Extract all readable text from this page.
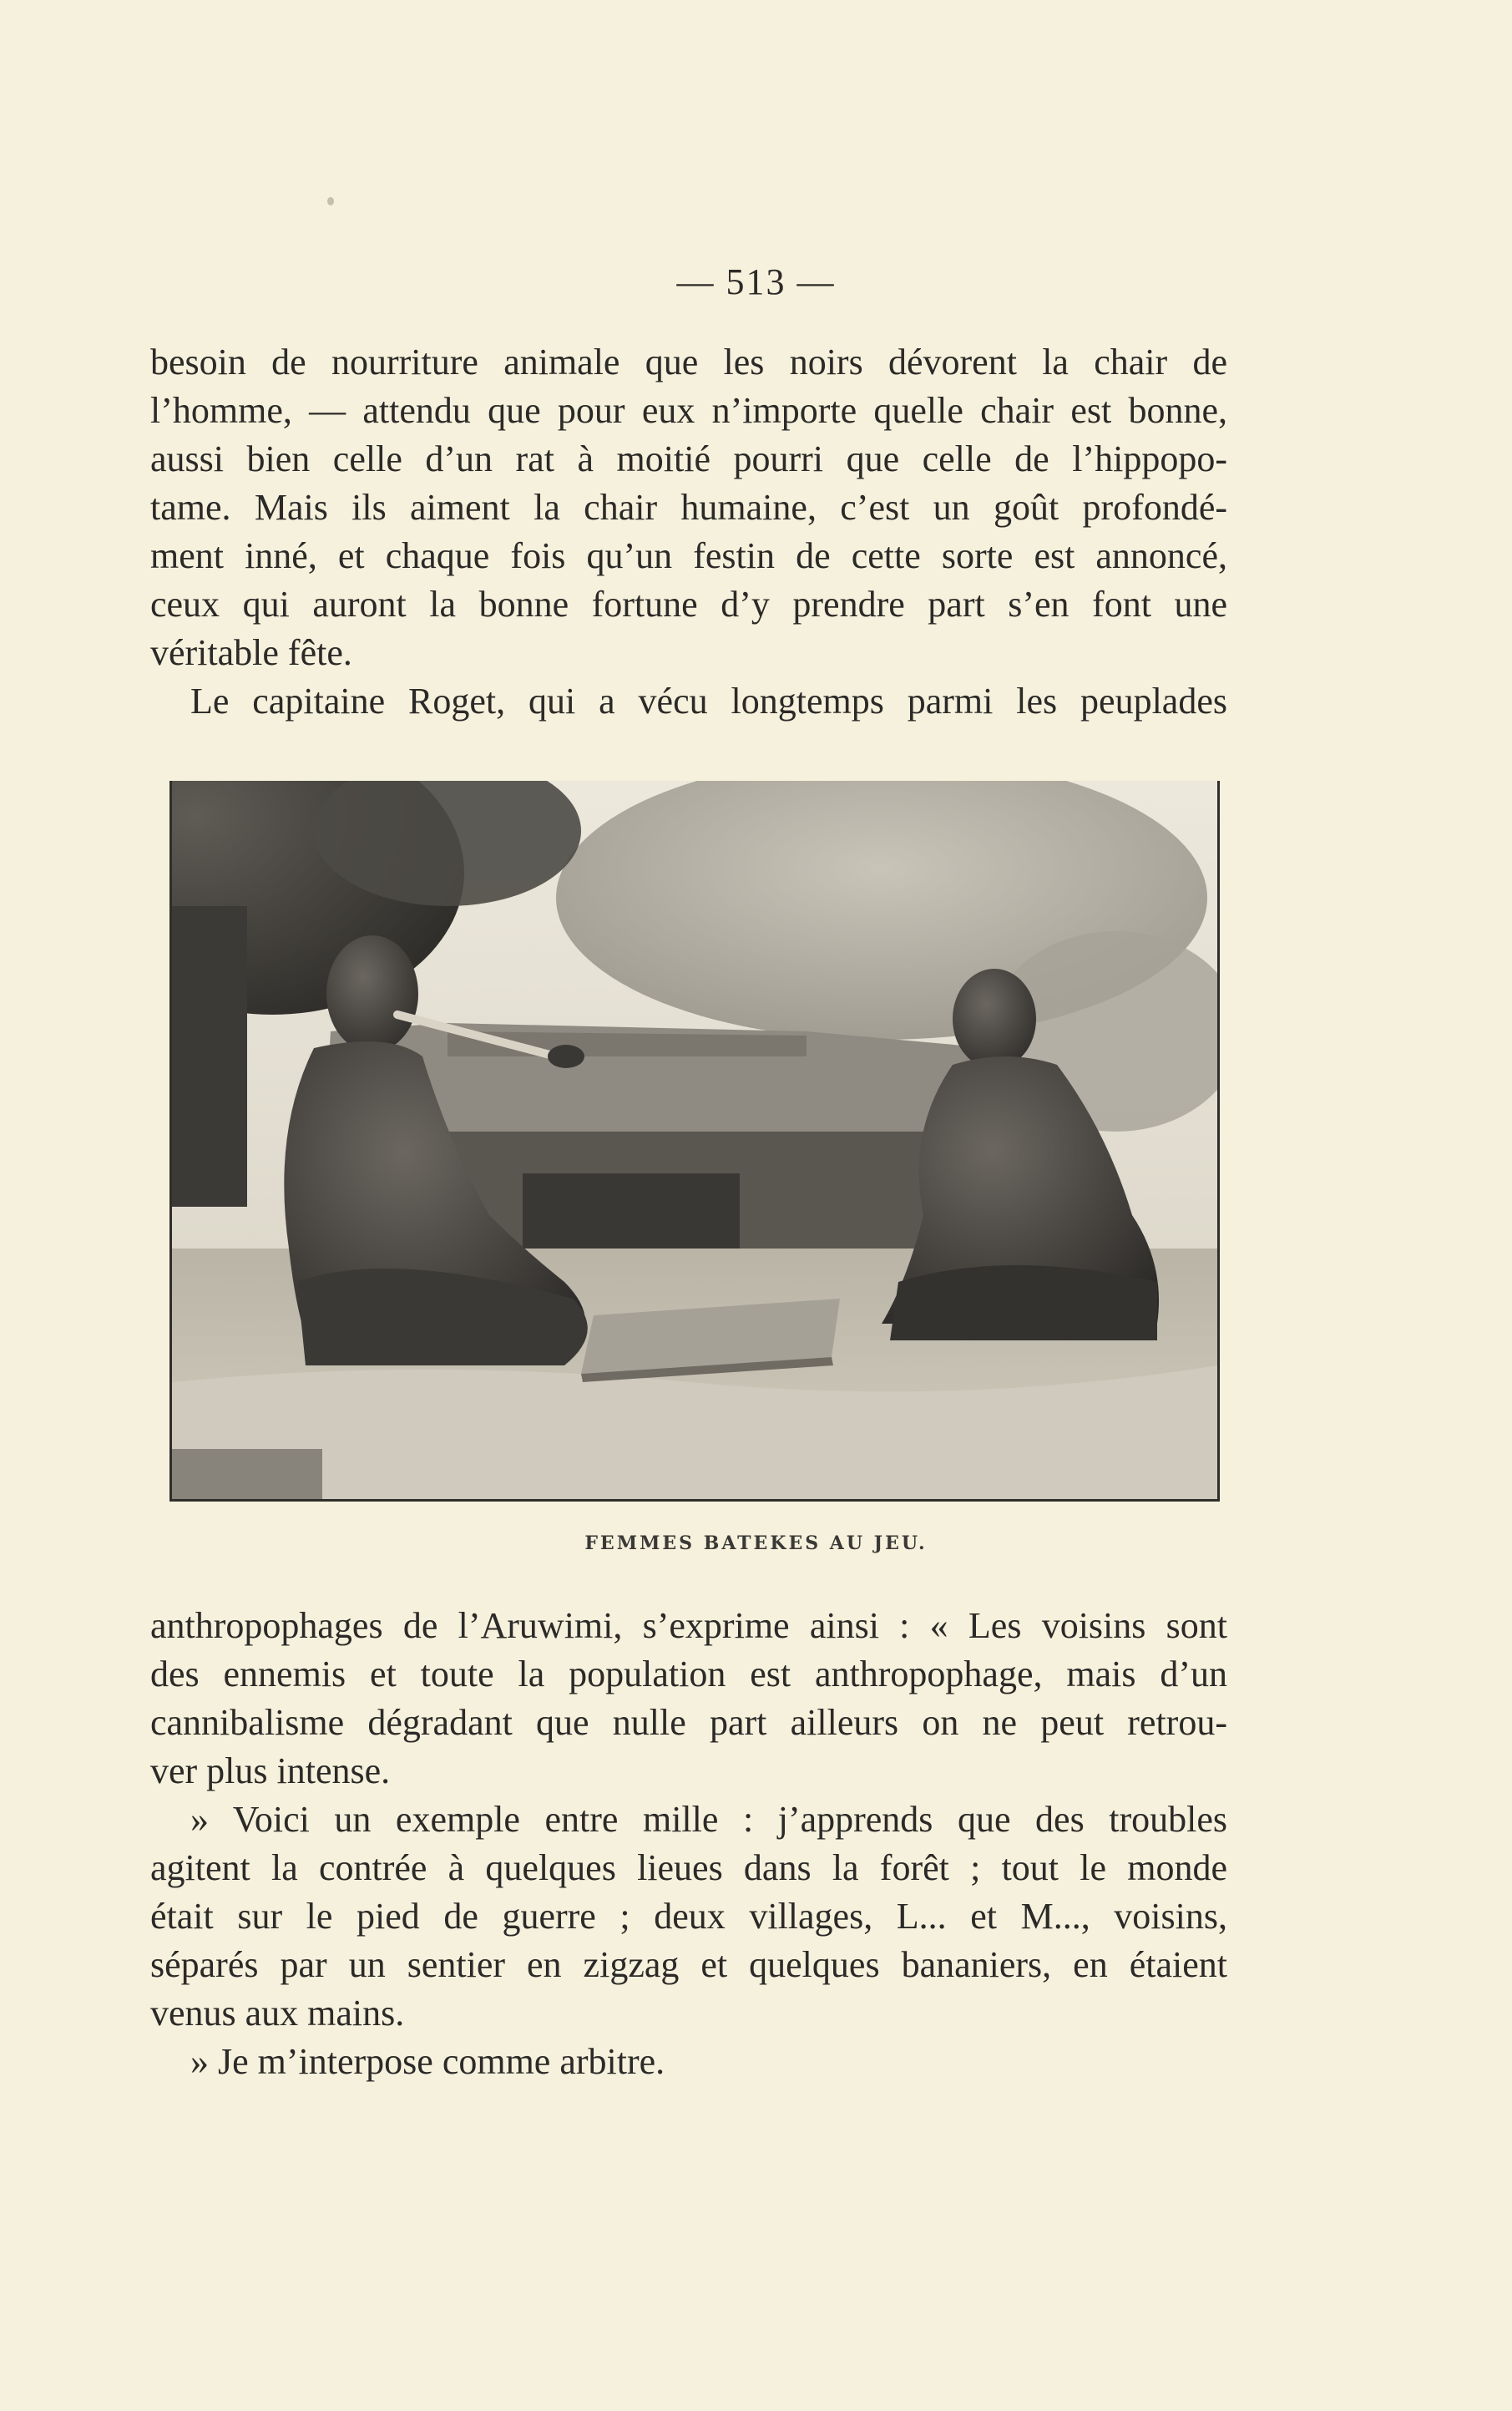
— 513 —
besoin de nourriture animale que les noirs dévorent la chair de
l’homme, — attendu que pour eux n’importe quelle chair est bonne,
aussi bien celle d’un rat à moitié pourri que celle de l’hippopo-
tame. Mais ils aiment la chair humaine, c’est un goût profondé-
ment inné, et chaque fois qu’un festin de cette sorte est annoncé,
ceux qui auront la bonne fortune d’y prendre part s’en font une
véritable fête.
Le capitaine Roget, qui a vécu longtemps parmi les peuplades
FEMMES BATEKES AU JEU.
anthropophages de l’Aruwimi, s’exprime ainsi : « Les voisins sont
des ennemis et toute la population est anthropophage, mais d’un
cannibalisme dégradant que nulle part ailleurs on ne peut retrou-
ver plus intense.
» Voici un exemple entre mille : j’apprends que des troubles
agitent la contrée à quelques lieues dans la forêt ; tout le monde
était sur le pied de guerre ; deux villages, L... et M..., voisins,
séparés par un sentier en zigzag et quelques bananiers, en étaient
venus aux mains.
» Je m’interpose comme arbitre.
